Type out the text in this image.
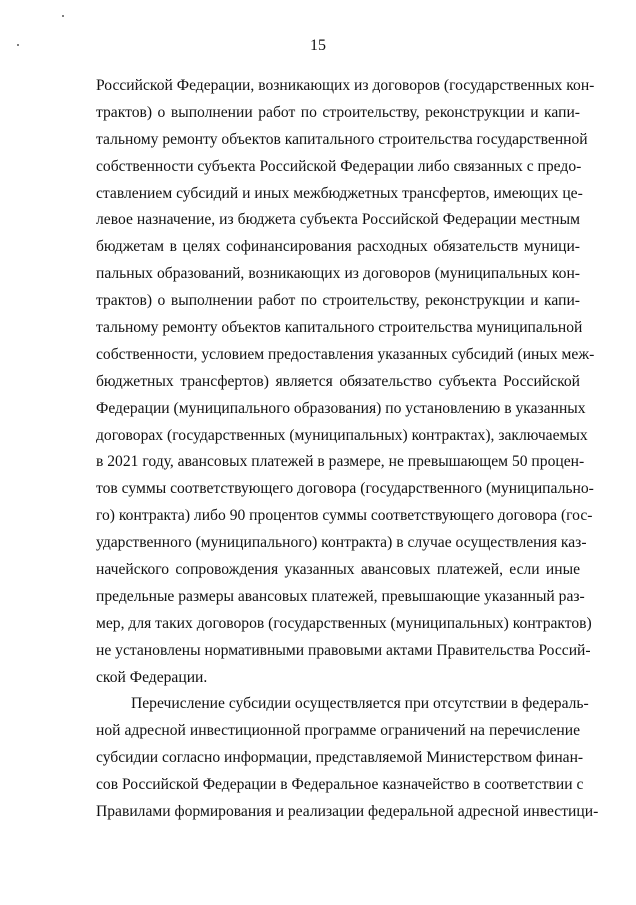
15
Российской Федерации, возникающих из договоров (государственных кон-
трактов) о выполнении работ по строительству, реконструкции и капи-
тальному ремонту объектов капитального строительства государственной
собственности субъекта Российской Федерации либо связанных с предо-
ставлением субсидий и иных межбюджетных трансфертов, имеющих це-
левое назначение, из бюджета субъекта Российской Федерации местным
бюджетам в целях софинансирования расходных обязательств муници-
пальных образований, возникающих из договоров (муниципальных кон-
трактов) о выполнении работ по строительству, реконструкции и капи-
тальному ремонту объектов капитального строительства муниципальной
собственности, условием предоставления указанных субсидий (иных меж-
бюджетных трансфертов) является обязательство субъекта Российской
Федерации (муниципального образования) по установлению в указанных
договорах (государственных (муниципальных) контрактах), заключаемых
в 2021 году, авансовых платежей в размере, не превышающем 50 процен-
тов суммы соответствующего договора (государственного (муниципально-
го) контракта) либо 90 процентов суммы соответствующего договора (гос-
ударственного (муниципального) контракта) в случае осуществления каз-
начейского сопровождения указанных авансовых платежей, если иные
предельные размеры авансовых платежей, превышающие указанный раз-
мер, для таких договоров (государственных (муниципальных) контрактов)
не установлены нормативными правовыми актами Правительства Россий-
ской Федерации.
Перечисление субсидии осуществляется при отсутствии в федераль-
ной адресной инвестиционной программе ограничений на перечисление
субсидии согласно информации, представляемой Министерством финан-
сов Российской Федерации в Федеральное казначейство в соответствии с
Правилами формирования и реализации федеральной адресной инвестици-
